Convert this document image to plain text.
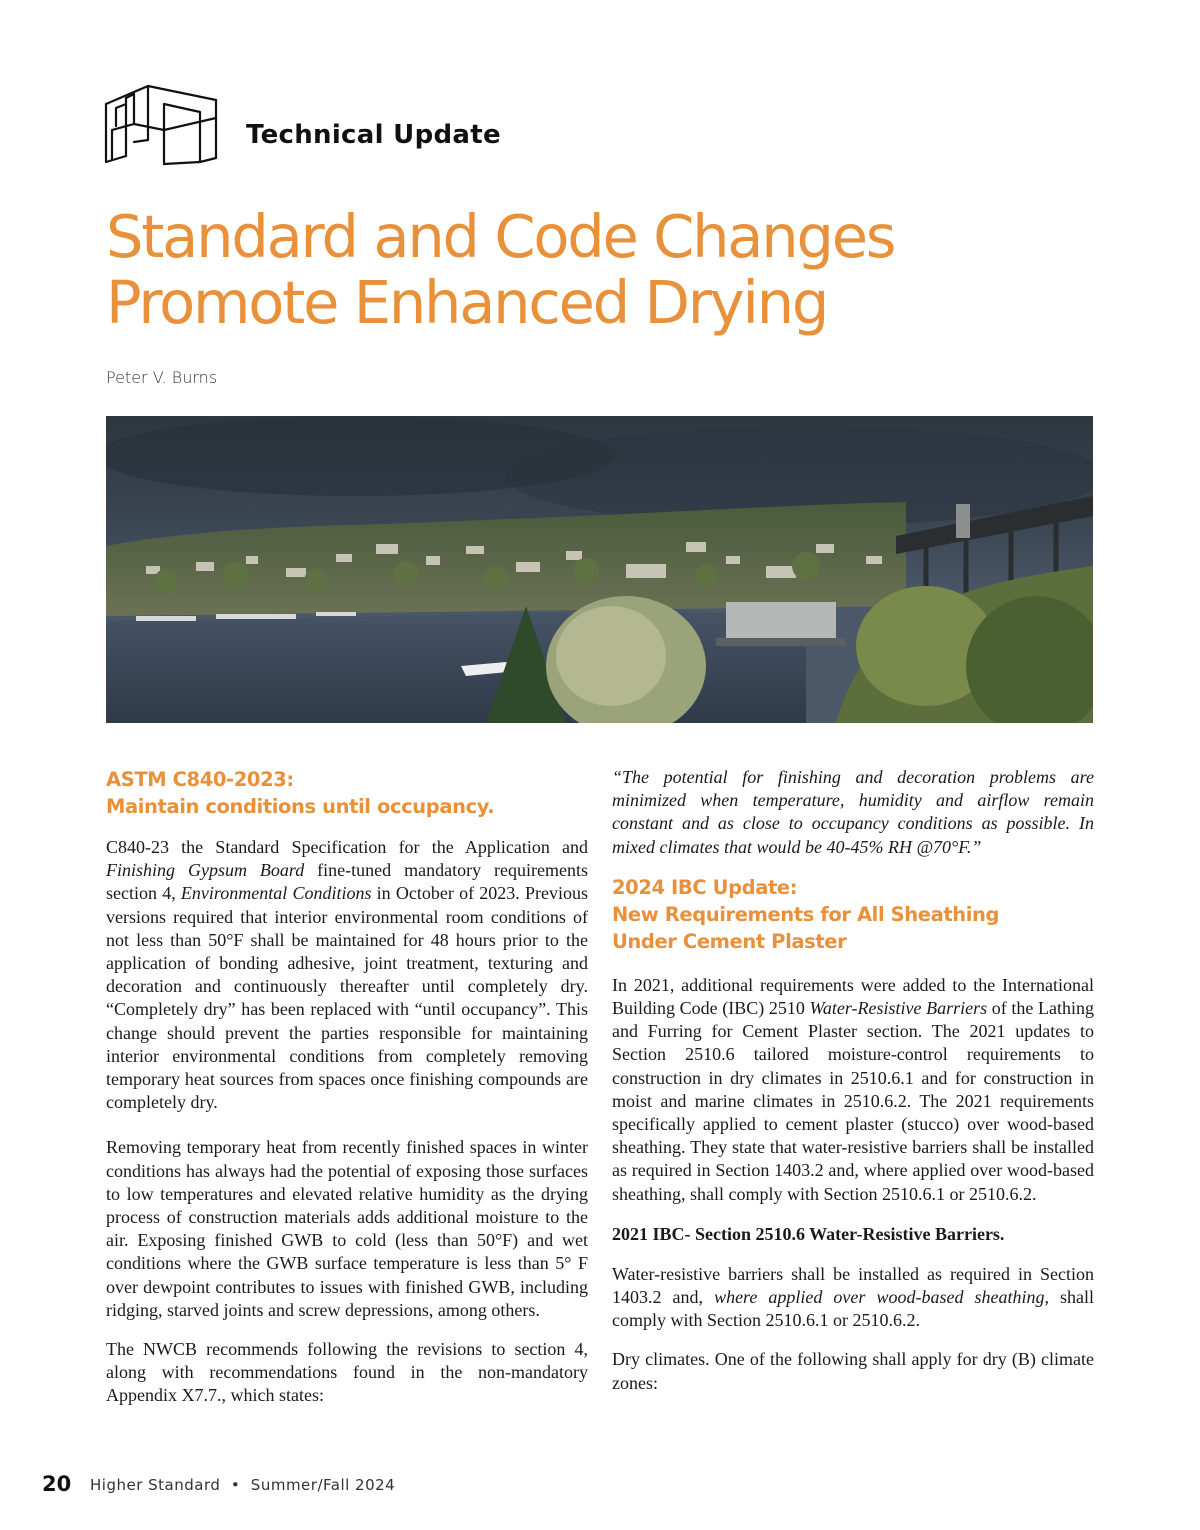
Technical Update
Standard and Code Changes
Promote Enhanced Drying
Peter V. Burns
ASTM C840-2023:
Maintain conditions until occupancy.

C840-23 the Standard Specification for the Application and Finishing Gypsum Board fine-tuned mandatory requirements section 4, Environmental Conditions in October of 2023. Previous versions required that interior environmental room conditions of not less than 50°F shall be maintained for 48 hours prior to the application of bonding adhesive, joint treatment, texturing and decoration and continuously thereafter until completely dry. “Completely dry” has been replaced with “until occupancy”. This change should prevent the parties responsible for maintaining interior environmental conditions from completely removing temporary heat sources from spaces once finishing compounds are completely dry.

Removing temporary heat from recently finished spaces in winter conditions has always had the potential of exposing those surfaces to low temperatures and elevated relative humidity as the drying process of construction materials adds additional moisture to the air. Exposing finished GWB to cold (less than 50°F) and wet conditions where the GWB surface temperature is less than 5° F over dewpoint contributes to issues with finished GWB, including ridging, starved joints and screw depressions, among others.

The NWCB recommends following the revisions to section 4, along with recommendations found in the non-mandatory Appendix X7.7., which states:

“The potential for finishing and decoration problems are minimized when temperature, humidity and airflow remain constant and as close to occupancy conditions as possible. In mixed climates that would be 40-45% RH @70°F.”

2024 IBC Update:
New Requirements for All Sheathing
Under Cement Plaster

In 2021, additional requirements were added to the International Building Code (IBC) 2510 Water-Resistive Barriers of the Lathing and Furring for Cement Plaster section. The 2021 updates to Section 2510.6 tailored moisture-control requirements to construction in dry climates in 2510.6.1 and for construction in moist and marine climates in 2510.6.2. The 2021 requirements specifically applied to cement plaster (stucco) over wood-based sheathing. They state that water-resistive barriers shall be installed as required in Section 1403.2 and, where applied over wood-based sheathing, shall comply with Section 2510.6.1 or 2510.6.2.

2021 IBC- Section 2510.6 Water-Resistive Barriers.

Water-resistive barriers shall be installed as required in Section 1403.2 and, where applied over wood-based sheathing, shall comply with Section 2510.6.1 or 2510.6.2.

Dry climates. One of the following shall apply for dry (B) climate zones:

20 Higher Standard  •  Summer/Fall 2024
